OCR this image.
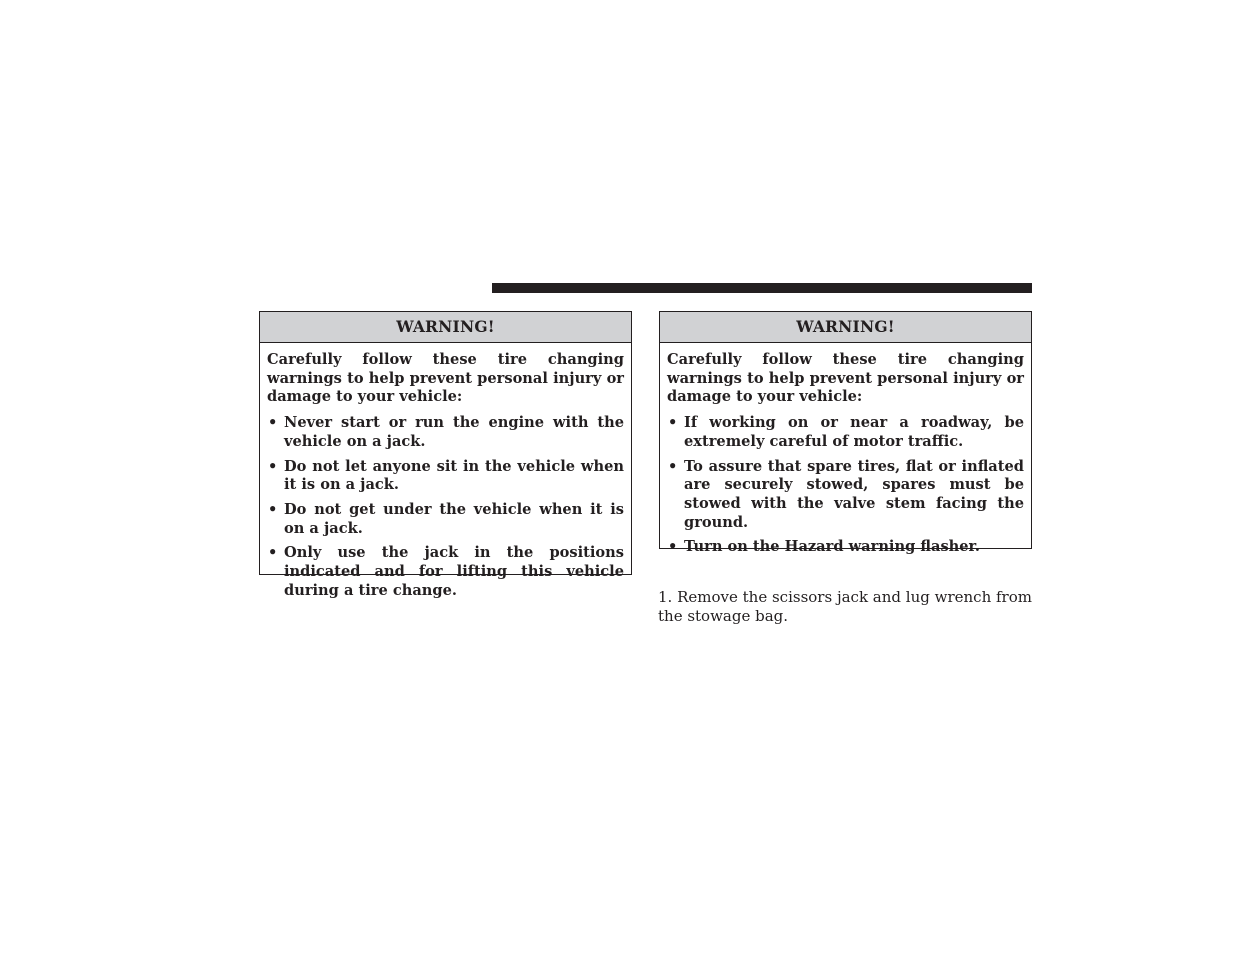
WARNING!

Carefully follow these tire changing warnings to help prevent personal injury or damage to your vehicle:

• Never start or run the engine with the vehicle on a jack.
• Do not let anyone sit in the vehicle when it is on a jack.
• Do not get under the vehicle when it is on a jack.
• Only use the jack in the positions indicated and for lifting this vehicle during a tire change.
WARNING!

Carefully follow these tire changing warnings to help prevent personal injury or damage to your vehicle:

• If working on or near a roadway, be extremely careful of motor traffic.
• To assure that spare tires, flat or inflated are securely stowed, spares must be stowed with the valve stem facing the ground.
• Turn on the Hazard warning flasher.

1. Remove the scissors jack and lug wrench from the stowage bag.
